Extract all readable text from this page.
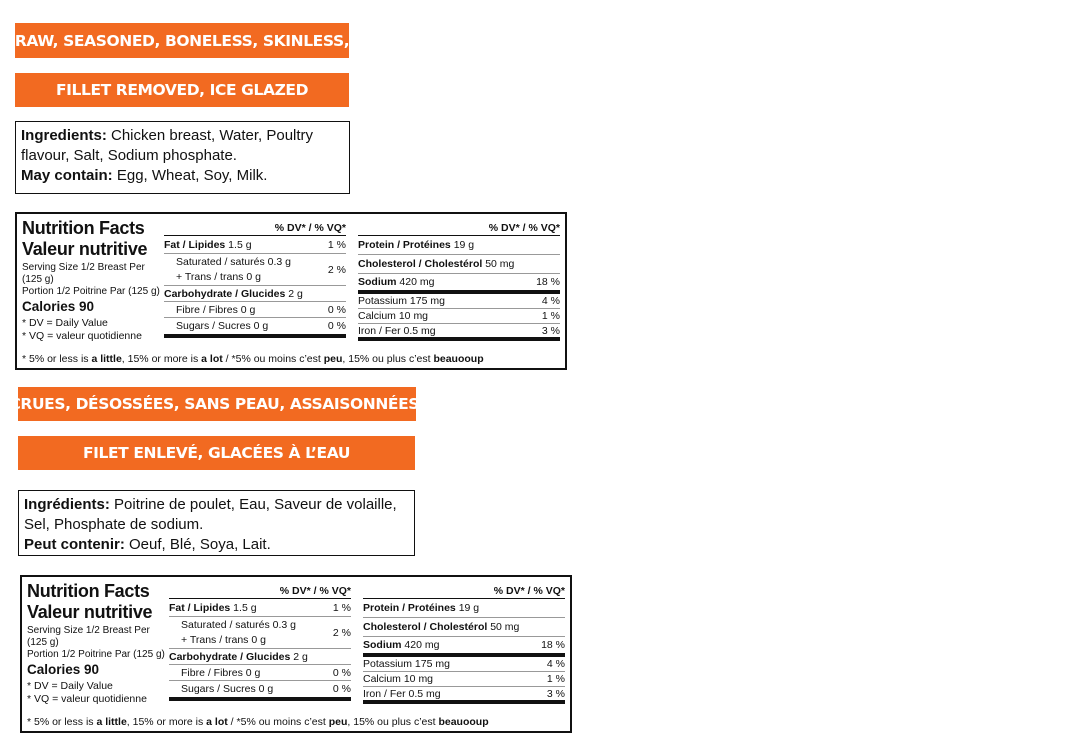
RAW, SEASONED, BONELESS, SKINLESS,
FILLET REMOVED, ICE GLAZED
Ingredients: Chicken breast, Water, Poultry flavour, Salt, Sodium phosphate.
May contain: Egg, Wheat, Soy, Milk.
Nutrition Facts
Valeur nutritive
Serving Size 1/2 Breast Per (125 g)
Portion 1/2 Poitrine Par (125 g)
Calories 90
* DV = Daily Value
* VQ = valeur quotidienne
% DV* / % VQ*
Fat / Lipides 1.5 g	1 %
Saturated / saturés 0.3 g
+ Trans / trans 0 g
2 %
Carbohydrate / Glucides 2 g
Fibre / Fibres 0 g	0 %
Sugars / Sucres 0 g	0 %
% DV* / % VQ*
Protein / Protéines 19 g
Cholesterol / Cholestérol 50 mg
Sodium 420 mg	18 %
Potassium 175 mg	4 %
Calcium 10 mg	1 %
Iron / Fer 0.5 mg	3 %
* 5% or less is a little, 15% or more is a lot / *5% ou moins c’est peu, 15% ou plus c’est beauooup
CRUES, DÉSOSSÉES, SANS PEAU, ASSAISONNÉES,
FILET ENLEVÉ, GLACÉES À L’EAU
Ingrédients: Poitrine de poulet, Eau, Saveur de volaille, Sel, Phosphate de sodium.
Peut contenir: Oeuf, Blé, Soya, Lait.
Nutrition Facts
Valeur nutritive
Serving Size 1/2 Breast Per (125 g)
Portion 1/2 Poitrine Par (125 g)
Calories 90
* DV = Daily Value
* VQ = valeur quotidienne
% DV* / % VQ*
Fat / Lipides 1.5 g	1 %
Saturated / saturés 0.3 g
+ Trans / trans 0 g
2 %
Carbohydrate / Glucides 2 g
Fibre / Fibres 0 g	0 %
Sugars / Sucres 0 g	0 %
% DV* / % VQ*
Protein / Protéines 19 g
Cholesterol / Cholestérol 50 mg
Sodium 420 mg	18 %
Potassium 175 mg	4 %
Calcium 10 mg	1 %
Iron / Fer 0.5 mg	3 %
* 5% or less is a little, 15% or more is a lot / *5% ou moins c’est peu, 15% ou plus c’est beauooup
